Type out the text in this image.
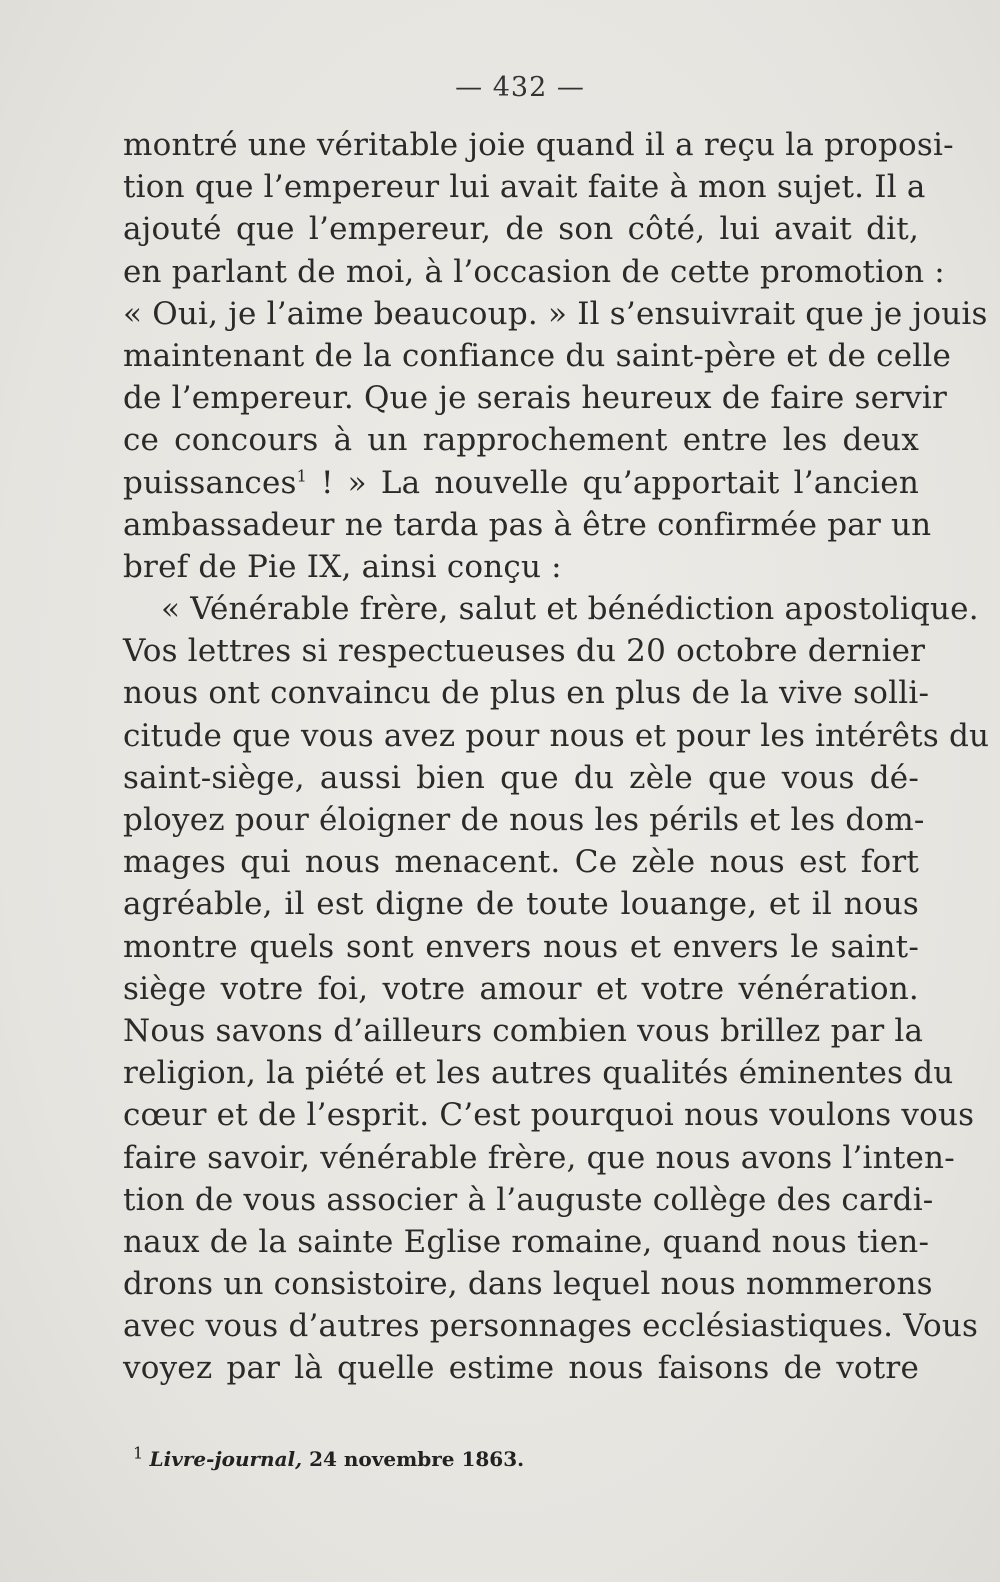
— 432 —
montré une véritable joie quand il a reçu la proposi-
tion que l’empereur lui avait faite à mon sujet. Il a
ajouté que l’empereur, de son côté, lui avait dit,
en parlant de moi, à l’occasion de cette promotion :
« Oui, je l’aime beaucoup. » Il s’ensuivrait que je jouis
maintenant de la confiance du saint-père et de celle
de l’empereur. Que je serais heureux de faire servir
ce concours à un rapprochement entre les deux
puissances$^1$ ! » La nouvelle qu’apportait l’ancien
ambassadeur ne tarda pas à être confirmée par un
bref de Pie IX, ainsi conçu :
« Vénérable frère, salut et bénédiction apostolique.
Vos lettres si respectueuses du 20 octobre dernier
nous ont convaincu de plus en plus de la vive solli-
citude que vous avez pour nous et pour les intérêts du
saint-siège, aussi bien que du zèle que vous dé-
ployez pour éloigner de nous les périls et les dom-
mages qui nous menacent. Ce zèle nous est fort
agréable, il est digne de toute louange, et il nous
montre quels sont envers nous et envers le saint-
siège votre foi, votre amour et votre vénération.
Nous savons d’ailleurs combien vous brillez par la
religion, la piété et les autres qualités éminentes du
cœur et de l’esprit. C’est pourquoi nous voulons vous
faire savoir, vénérable frère, que nous avons l’inten-
tion de vous associer à l’auguste collège des cardi-
naux de la sainte Eglise romaine, quand nous tien-
drons un consistoire, dans lequel nous nommerons
avec vous d’autres personnages ecclésiastiques. Vous
voyez par là quelle estime nous faisons de votre
$^1$ Livre-journal, 24 novembre 1863.
